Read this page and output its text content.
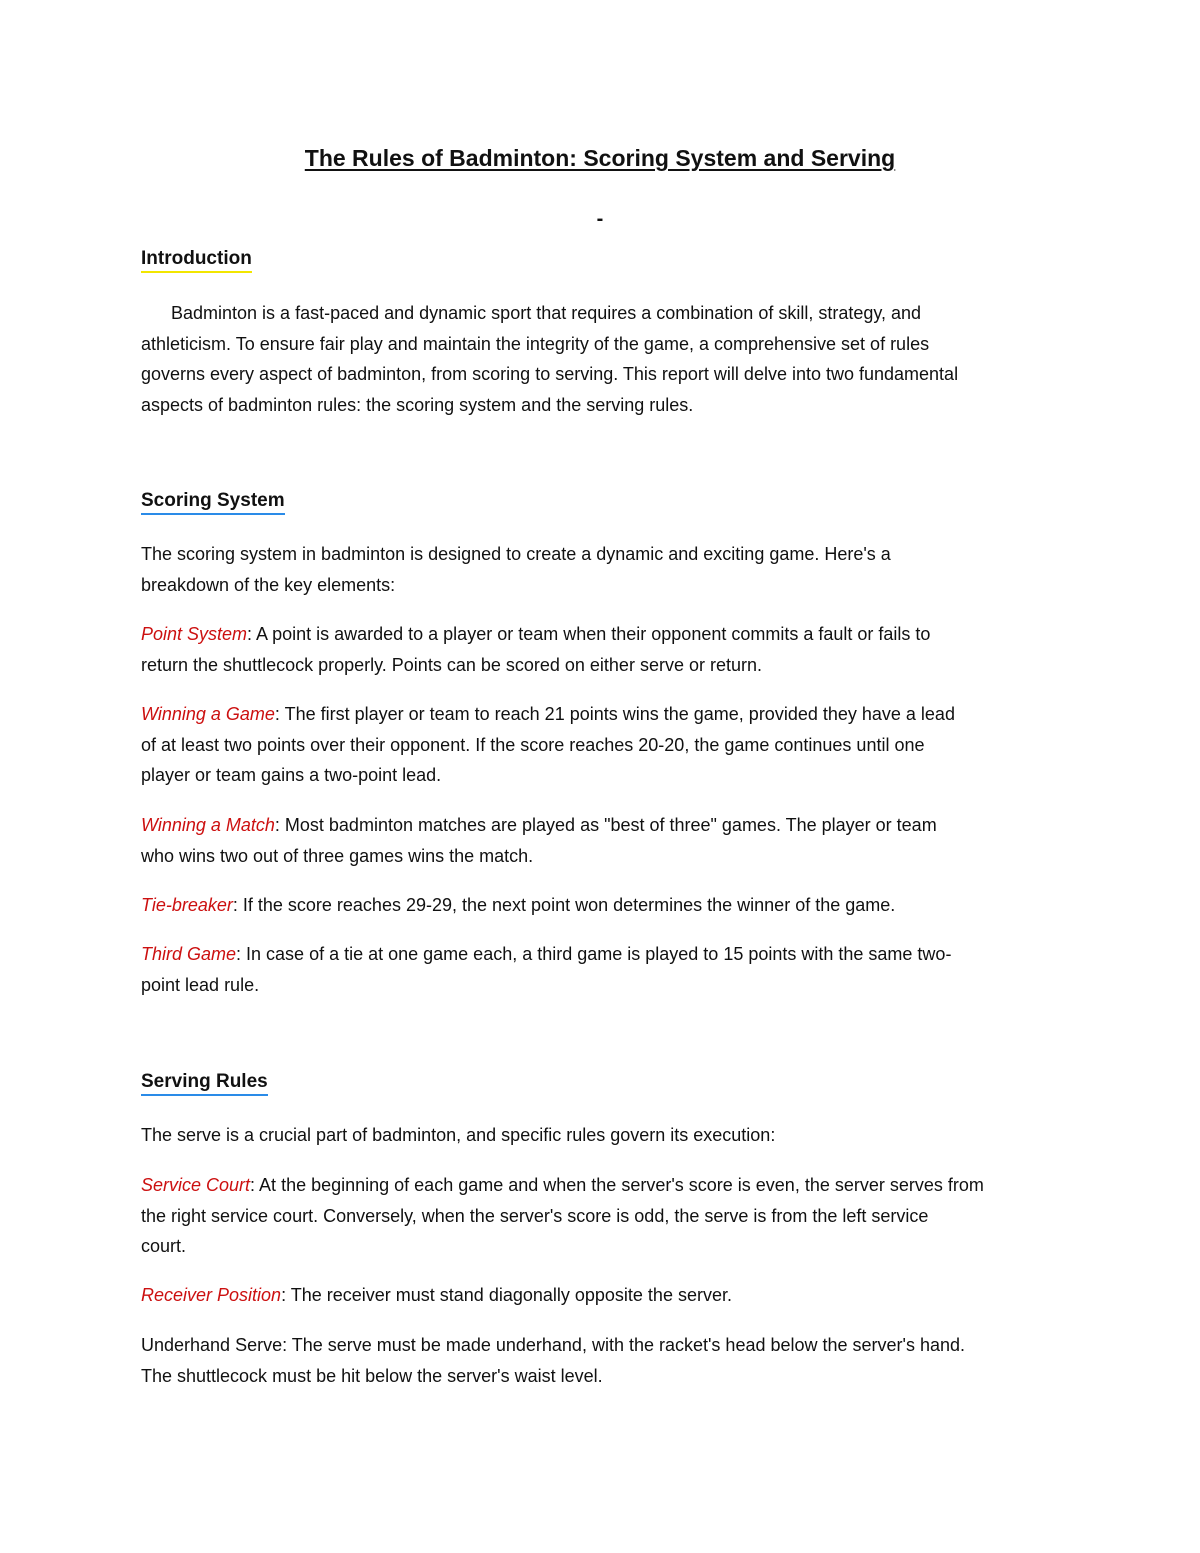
The Rules of Badminton: Scoring System and Serving
-
Introduction

Badminton is a fast-paced and dynamic sport that requires a combination of skill, strategy, and
athleticism. To ensure fair play and maintain the integrity of the game, a comprehensive set of rules
governs every aspect of badminton, from scoring to serving. This report will delve into two fundamental
aspects of badminton rules: the scoring system and the serving rules.

Scoring System

The scoring system in badminton is designed to create a dynamic and exciting game. Here's a
breakdown of the key elements:

Point System: A point is awarded to a player or team when their opponent commits a fault or fails to
return the shuttlecock properly. Points can be scored on either serve or return.

Winning a Game: The first player or team to reach 21 points wins the game, provided they have a lead
of at least two points over their opponent. If the score reaches 20-20, the game continues until one
player or team gains a two-point lead.

Winning a Match: Most badminton matches are played as "best of three" games. The player or team
who wins two out of three games wins the match.

Tie-breaker: If the score reaches 29-29, the next point won determines the winner of the game.

Third Game: In case of a tie at one game each, a third game is played to 15 points with the same two-
point lead rule.

Serving Rules

The serve is a crucial part of badminton, and specific rules govern its execution:

Service Court: At the beginning of each game and when the server's score is even, the server serves from
the right service court. Conversely, when the server's score is odd, the serve is from the left service
court.

Receiver Position: The receiver must stand diagonally opposite the server.

Underhand Serve: The serve must be made underhand, with the racket's head below the server's hand.
The shuttlecock must be hit below the server's waist level.
